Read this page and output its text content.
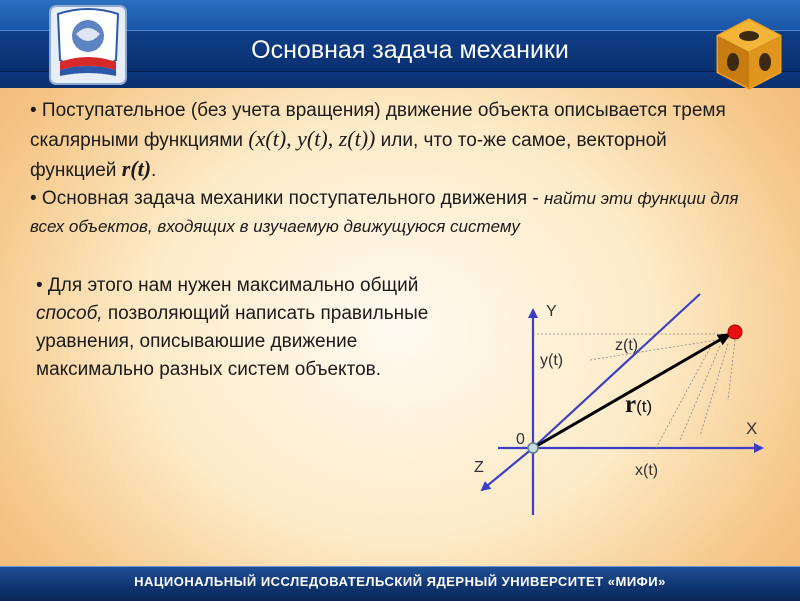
Основная задача механики

• Поступательное (без учета вращения) движение объекта описывается тремя скалярными функциями (x(t), y(t), z(t)) или, что то-же самое, векторной функцией r(t).

• Основная задача механики поступательного движения - найти эти функции для всех объектов, входящих в изучаемую движущуюся систему

• Для этого нам нужен максимально общий способ, позволяющий написать правильные уравнения, описываюшие движение максимально разных систем объектов.
Y
X
Z
0
y(t)
z(t)
x(t)
r(t)
НАЦИОНАЛЬНЫЙ ИССЛЕДОВАТЕЛЬСКИЙ ЯДЕРНЫЙ УНИВЕРСИТЕТ «МИФИ»
